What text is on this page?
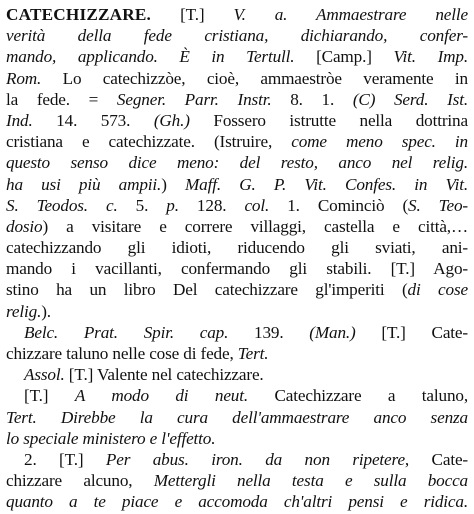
CATECHIZZARE. [T.] V. a. Ammaestrare nelle
verità della fede cristiana, dichiarando, confer-
mando, applicando. È in Tertull. [Camp.] Vit. Imp.
Rom. Lo catechizzòe, cioè, ammaestròe veramente in
la fede. = Segner. Parr. Instr. 8. 1. (C) Serd. Ist.
Ind. 14. 573. (Gh.) Fossero istrutte nella dottrina
cristiana e catechizzate. (Istruire, come meno spec. in
questo senso dice meno: del resto, anco nel relig.
ha usi più ampii.) Maff. G. P. Vit. Confes. in Vit.
S. Teodos. c. 5. p. 128. col. 1. Cominciò (S. Teo-
dosio) a visitare e correre villaggi, castella e città,…
catechizzando gli idioti, riducendo gli sviati, ani-
mando i vacillanti, confermando gli stabili. [T.] Ago-
stino ha un libro Del catechizzare gl'imperiti (di cose
relig.).
Belc. Prat. Spir. cap. 139. (Man.) [T.] Cate-
chizzare taluno nelle cose di fede, Tert.
Assol. [T.] Valente nel catechizzare.
[T.] A modo di neut. Catechizzare a taluno,
Tert. Direbbe la cura dell'ammaestrare anco senza
lo speciale ministero e l'effetto.
2. [T.] Per abus. iron. da non ripetere, Cate-
chizzare alcuno, Mettergli nella testa e sulla bocca
quanto a te piace e accomoda ch'altri pensi e ridica.
